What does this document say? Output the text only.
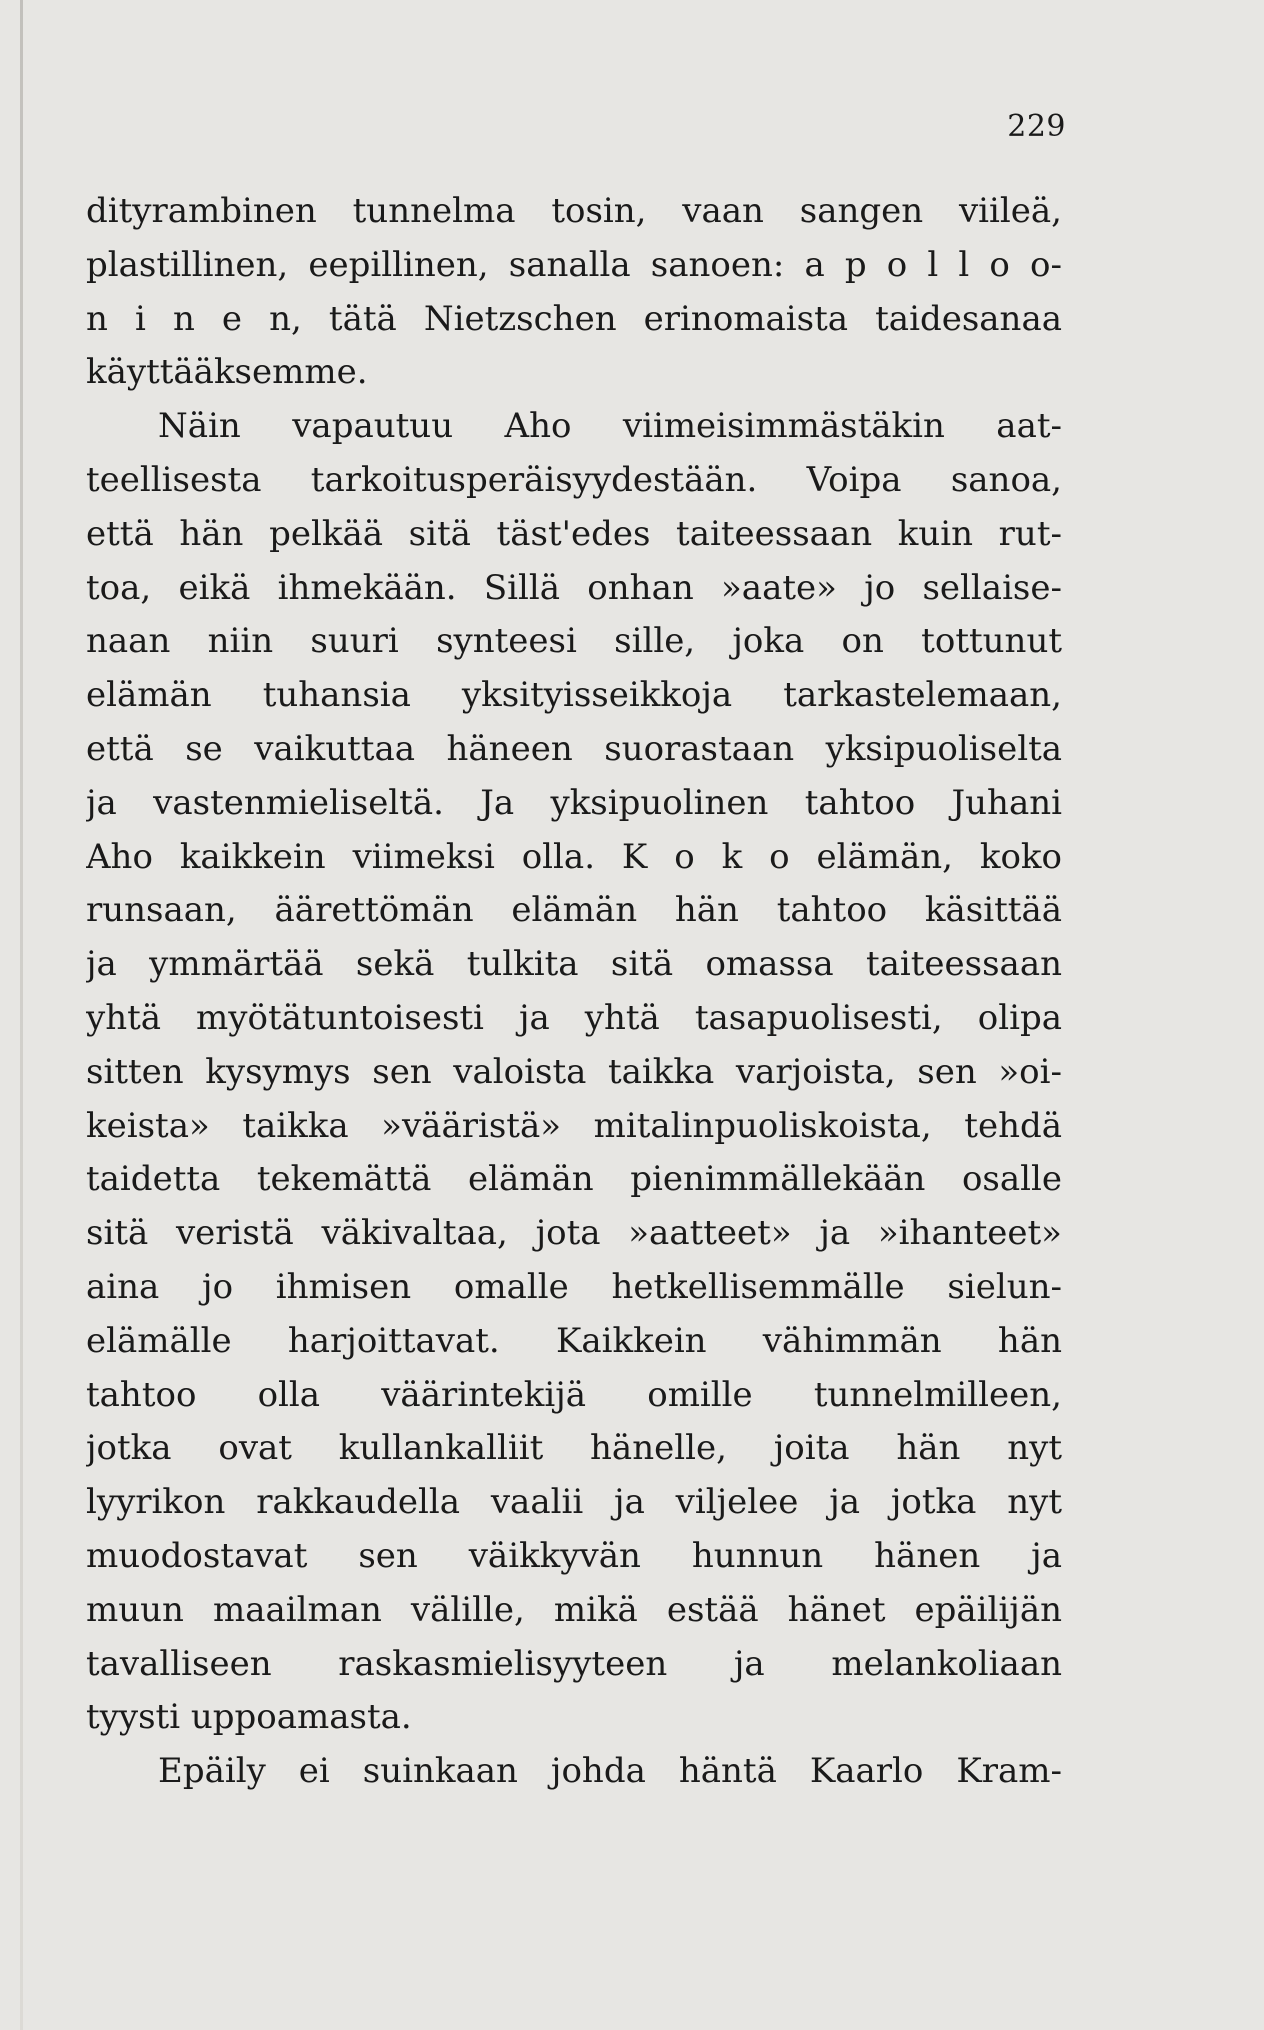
229
dityrambinen tunnelma tosin, vaan sangen viileä,
plastillinen, eepillinen, sanalla sanoen: a p o l l o o-
n i n e n, tätä Nietzschen erinomaista taidesanaa
käyttääksemme.
Näin vapautuu Aho viimeisimmästäkin aat-
teellisesta tarkoitusperäisyydestään. Voipa sanoa,
että hän pelkää sitä täst'edes taiteessaan kuin rut-
toa, eikä ihmekään. Sillä onhan »aate» jo sellaise-
naan niin suuri synteesi sille, joka on tottunut
elämän tuhansia yksityisseikkoja tarkastelemaan,
että se vaikuttaa häneen suorastaan yksipuoliselta
ja vastenmieliseltä. Ja yksipuolinen tahtoo Juhani
Aho kaikkein viimeksi olla. K o k o elämän, koko
runsaan, äärettömän elämän hän tahtoo käsittää
ja ymmärtää sekä tulkita sitä omassa taiteessaan
yhtä myötätuntoisesti ja yhtä tasapuolisesti, olipa
sitten kysymys sen valoista taikka varjoista, sen »oi-
keista» taikka »vääristä» mitalinpuoliskoista, tehdä
taidetta tekemättä elämän pienimmällekään osalle
sitä veristä väkivaltaa, jota »aatteet» ja »ihanteet»
aina jo ihmisen omalle hetkellisemmälle sielun-
elämälle harjoittavat. Kaikkein vähimmän hän
tahtoo olla väärintekijä omille tunnelmilleen,
jotka ovat kullankalliit hänelle, joita hän nyt
lyyrikon rakkaudella vaalii ja viljelee ja jotka nyt
muodostavat sen väikkyvän hunnun hänen ja
muun maailman välille, mikä estää hänet epäilijän
tavalliseen raskasmielisyyteen ja melankoliaan
tyysti uppoamasta.
Epäily ei suinkaan johda häntä Kaarlo Kram-
